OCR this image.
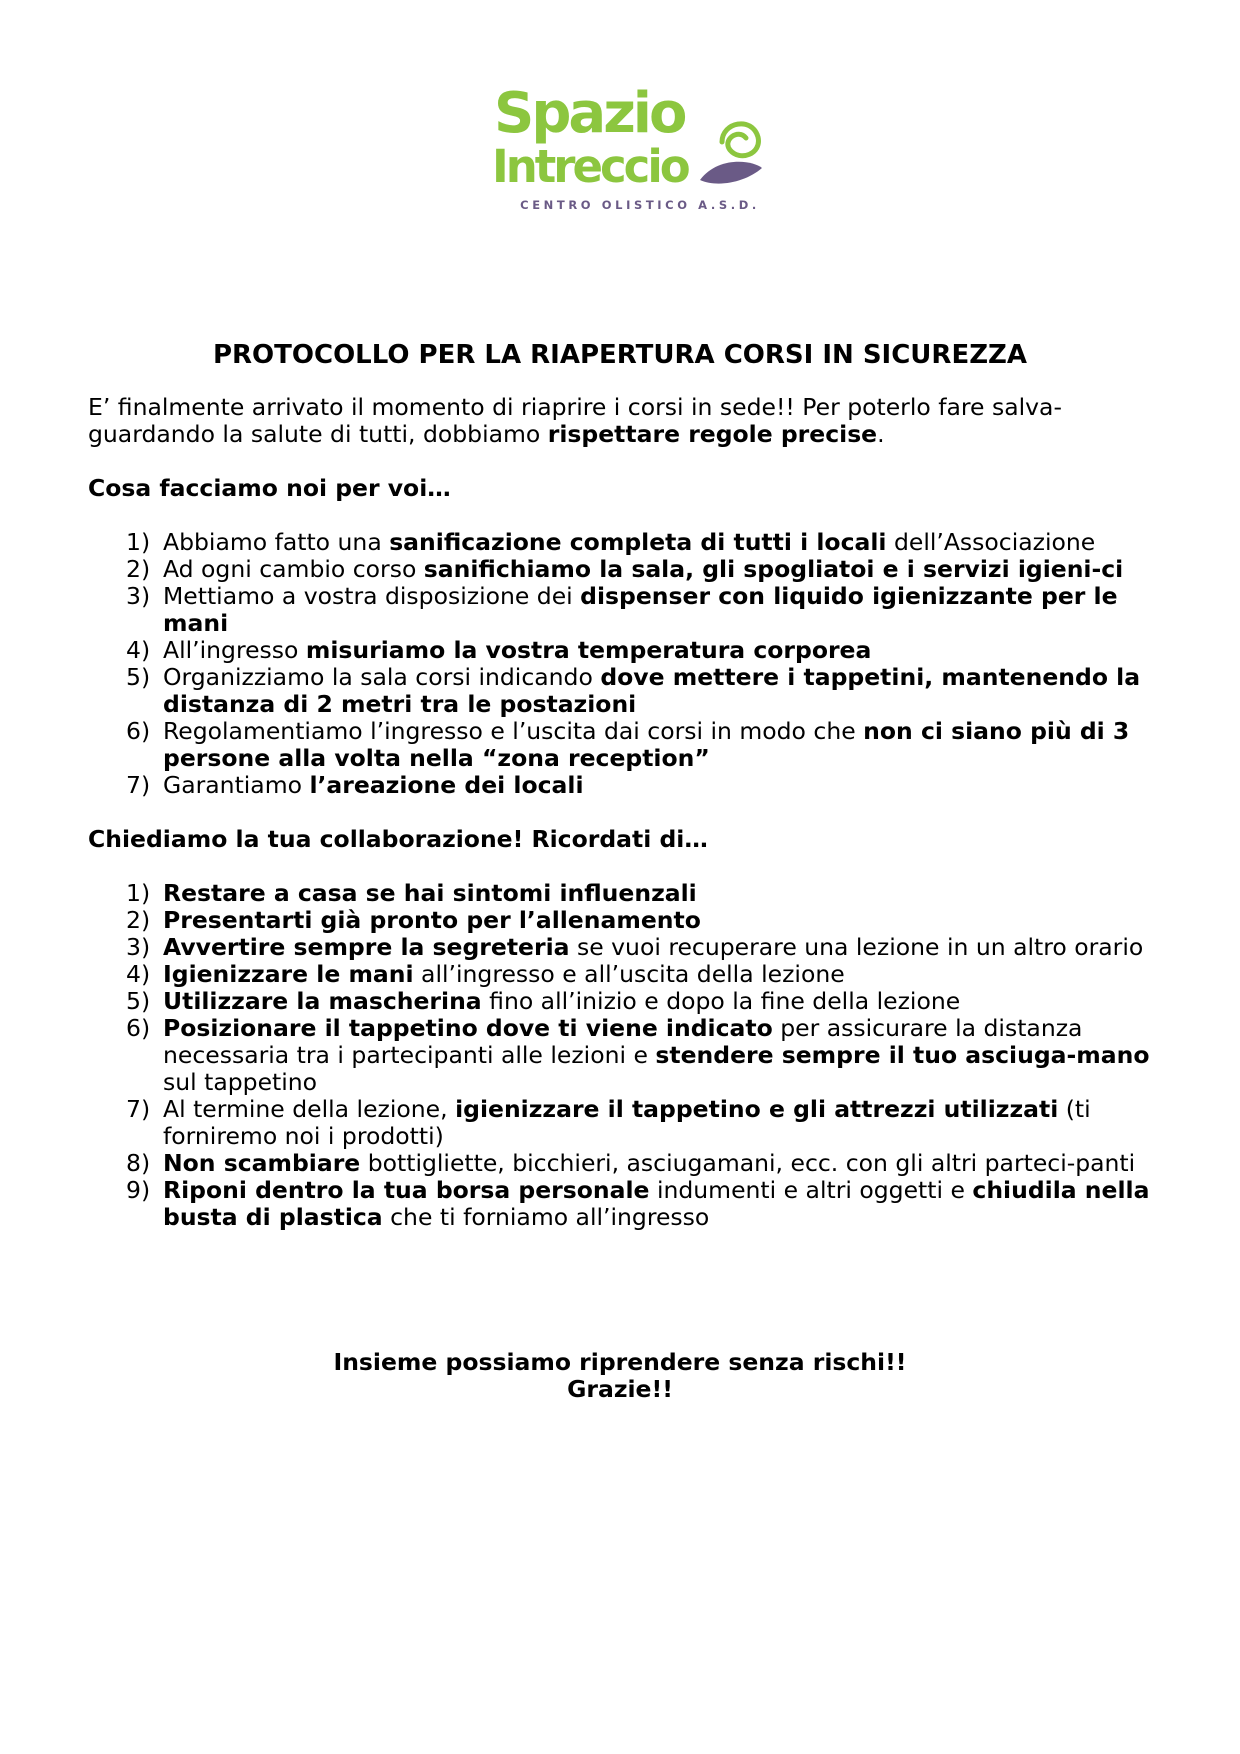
Spazio
Intreccio
CENTRO OLISTICO A.S.D.
PROTOCOLLO PER LA RIAPERTURA CORSI IN SICUREZZA

E’ finalmente arrivato il momento di riaprire i corsi in sede!! Per poterlo fare salva-guardando la salute di tutti, dobbiamo rispettare regole precise.

Cosa facciamo noi per voi…
1) Abbiamo fatto una sanificazione completa di tutti i locali dell’Associazione
2) Ad ogni cambio corso sanifichiamo la sala, gli spogliatoi e i servizi igieni-ci
3) Mettiamo a vostra disposizione dei dispenser con liquido igienizzante per le mani
4) All’ingresso misuriamo la vostra temperatura corporea
5) Organizziamo la sala corsi indicando dove mettere i tappetini, mantenendo la distanza di 2 metri tra le postazioni
6) Regolamentiamo l’ingresso e l’uscita dai corsi in modo che non ci siano più di 3 persone alla volta nella “zona reception”
7) Garantiamo l’areazione dei locali
Chiediamo la tua collaborazione! Ricordati di…
1) Restare a casa se hai sintomi influenzali
2) Presentarti già pronto per l’allenamento
3) Avvertire sempre la segreteria se vuoi recuperare una lezione in un altro orario
4) Igienizzare le mani all’ingresso e all’uscita della lezione
5) Utilizzare la mascherina fino all’inizio e dopo la fine della lezione
6) Posizionare il tappetino dove ti viene indicato per assicurare la distanza necessaria tra i partecipanti alle lezioni e stendere sempre il tuo asciuga-mano sul tappetino
7) Al termine della lezione, igienizzare il tappetino e gli attrezzi utilizzati (ti forniremo noi i prodotti)
8) Non scambiare bottigliette, bicchieri, asciugamani, ecc. con gli altri parteci-panti
9) Riponi dentro la tua borsa personale indumenti e altri oggetti e chiudila nella busta di plastica che ti forniamo all’ingresso
Insieme possiamo riprendere senza rischi!!
Grazie!!
